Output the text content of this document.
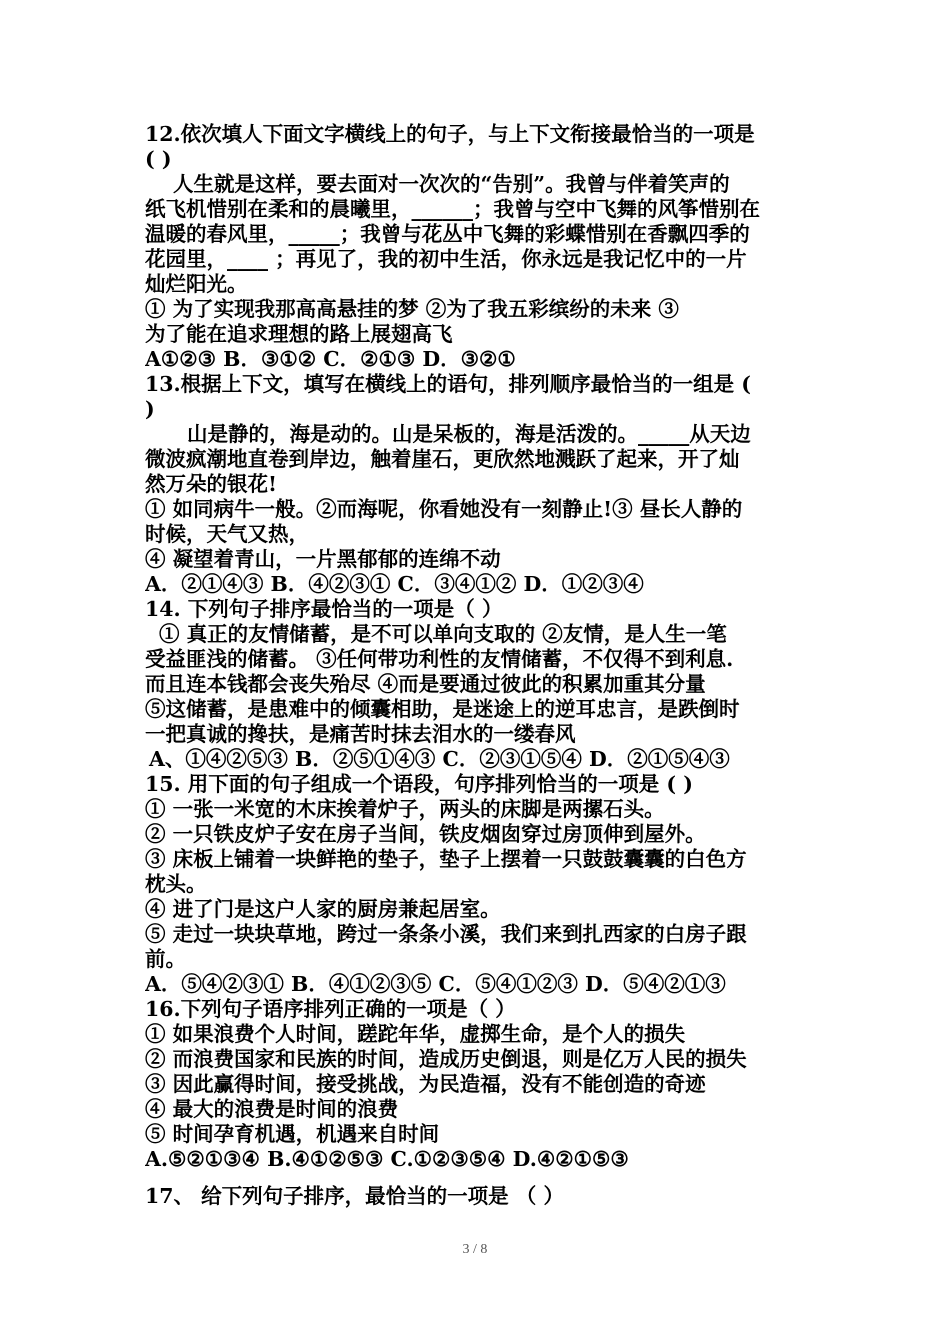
12.依次填人下面文字横线上的句子，与上下文衔接最恰当的一项是
( )
人生就是这样，要去面对一次次的“告别”。我曾与伴着笑声的
纸飞机惜别在柔和的晨曦里，______；我曾与空中飞舞的风筝惜别在
温暖的春风里，_____；我曾与花丛中飞舞的彩蝶惜别在香飘四季的
花园里，____ ；再见了，我的初中生活，你永远是我记忆中的一片
灿烂阳光。
① 为了实现我那高高悬挂的梦 ②为了我五彩缤纷的未来 ③
为了能在追求理想的路上展翅高飞
A①②③ B．③①② C．②①③ D．③②①
13.根据上下文，填写在横线上的语句，排列顺序最恰当的一组是 (
)
山是静的，海是动的。山是呆板的，海是活泼的。_____从天边
微波疯潮地直卷到岸边，触着崖石，更欣然地溅跃了起来，开了灿
然万朵的银花!
① 如同病牛一般。②而海呢，你看她没有一刻静止!③ 昼长人静的
时候，天气又热，
④ 凝望着青山，一片黑郁郁的连绵不动
A．②①④③ B．④②③① C．③④①② D．①②③④
14. 下列句子排序最恰当的一项是（ ）
① 真正的友情储蓄，是不可以单向支取的 ②友情，是人生一笔
受益匪浅的储蓄。 ③任何带功利性的友情储蓄，不仅得不到利息.
而且连本钱都会丧失殆尽 ④而是要通过彼此的积累加重其分量
⑤这储蓄，是患难中的倾囊相助，是迷途上的逆耳忠言，是跌倒时
一把真诚的搀扶，是痛苦时抹去泪水的一缕春风
A、①④②⑤③ B．②⑤①④③ C．②③①⑤④ D．②①⑤④③
15. 用下面的句子组成一个语段，句序排列恰当的一项是 ( )
① 一张一米宽的木床挨着炉子，两头的床脚是两摞石头。
② 一只铁皮炉子安在房子当间，铁皮烟囱穿过房顶伸到屋外。
③ 床板上铺着一块鲜艳的垫子，垫子上摆着一只鼓鼓囊囊的白色方
枕头。
④ 进了门是这户人家的厨房兼起居室。
⑤ 走过一块块草地，跨过一条条小溪，我们来到扎西家的白房子跟
前。
A．⑤④②③① B．④①②③⑤ C．⑤④①②③ D．⑤④②①③
16.下列句子语序排列正确的一项是（ ）
① 如果浪费个人时间，蹉跎年华，虚掷生命，是个人的损失
② 而浪费国家和民族的时间，造成历史倒退，则是亿万人民的损失
③ 因此赢得时间，接受挑战，为民造福，没有不能创造的奇迹
④ 最大的浪费是时间的浪费
⑤ 时间孕育机遇，机遇来自时间
A.⑤②①③④ B.④①②⑤③ C.①②③⑤④ D.④②①⑤③
17、 给下列句子排序，最恰当的一项是 （ ）
3 / 8
